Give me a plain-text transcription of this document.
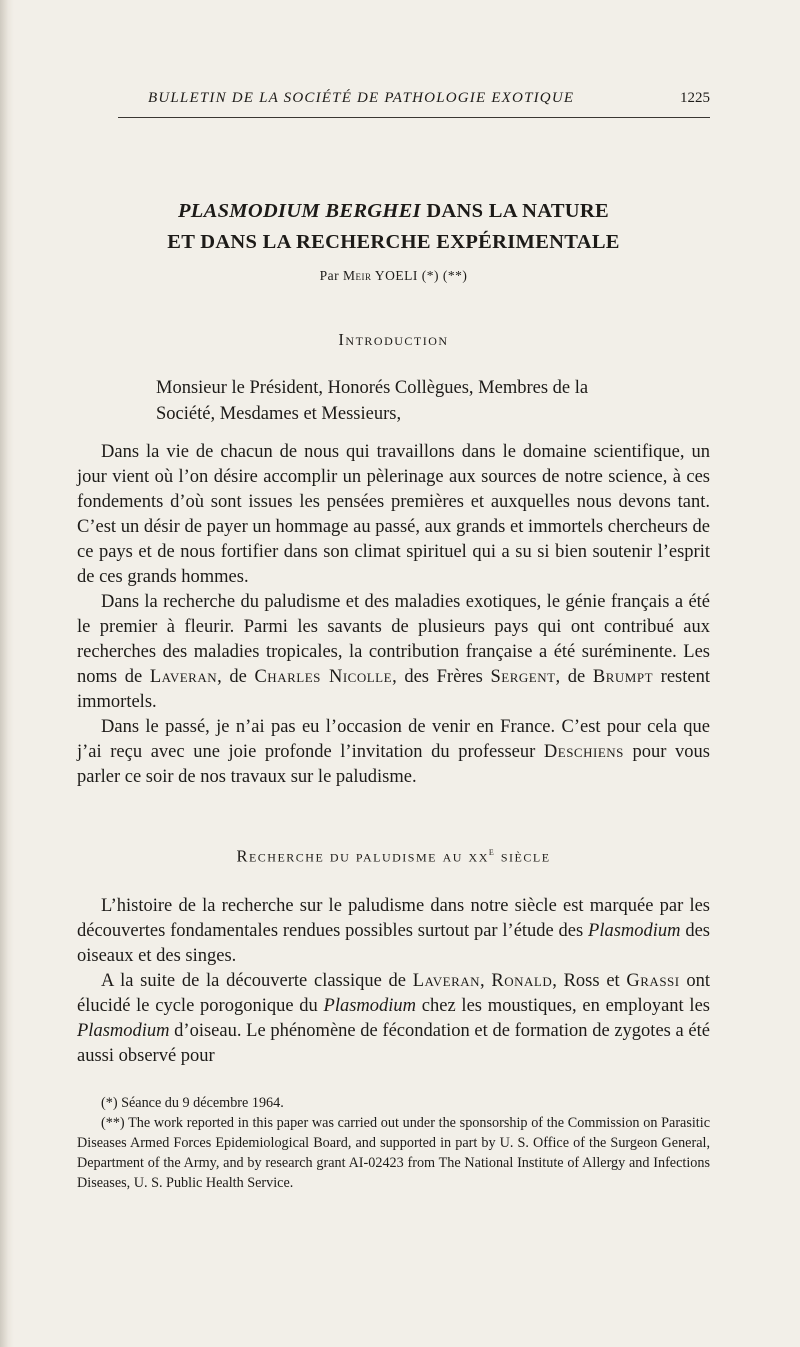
BULLETIN DE LA SOCIÉTÉ DE PATHOLOGIE EXOTIQUE	1225
PLASMODIUM BERGHEI DANS LA NATURE
ET DANS LA RECHERCHE EXPÉRIMENTALE
Par Meir YOELI (*) (**)
Introduction
Monsieur le Président, Honorés Collègues, Membres de la
Société, Mesdames et Messieurs,

Dans la vie de chacun de nous qui travaillons dans le domaine scientifique, un jour vient où l’on désire accomplir un pèlerinage aux sources de notre science, à ces fondements d’où sont issues les pensées premières et auxquelles nous devons tant. C’est un désir de payer un hommage au passé, aux grands et immortels chercheurs de ce pays et de nous fortifier dans son climat spirituel qui a su si bien soutenir l’esprit de ces grands hommes.

Dans la recherche du paludisme et des maladies exotiques, le génie français a été le premier à fleurir. Parmi les savants de plusieurs pays qui ont contribué aux recherches des maladies tropicales, la contribution française a été suréminente. Les noms de Laveran, de Charles Nicolle, des Frères Sergent, de Brumpt restent immortels.

Dans le passé, je n’ai pas eu l’occasion de venir en France. C’est pour cela que j’ai reçu avec une joie profonde l’invitation du professeur Deschiens pour vous parler ce soir de nos travaux sur le paludisme.

Recherche du paludisme au $xx^e$ siècle

L’histoire de la recherche sur le paludisme dans notre siècle est marquée par les découvertes fondamentales rendues possibles surtout par l’étude des Plasmodium des oiseaux et des singes.

A la suite de la découverte classique de Laveran, Ronald, Ross et Grassi ont élucidé le cycle porogonique du Plasmodium chez les moustiques, en employant les Plasmodium d’oiseau. Le phénomène de fécondation et de formation de zygotes a été aussi observé pour

(*) Séance du 9 décembre 1964.

(**) The work reported in this paper was carried out under the sponsorship of the Commission on Parasitic Diseases Armed Forces Epidemiological Board, and supported in part by U. S. Office of the Surgeon General, Department of the Army, and by research grant AI-02423 from The National Institute of Allergy and Infections Diseases, U. S. Public Health Service.
